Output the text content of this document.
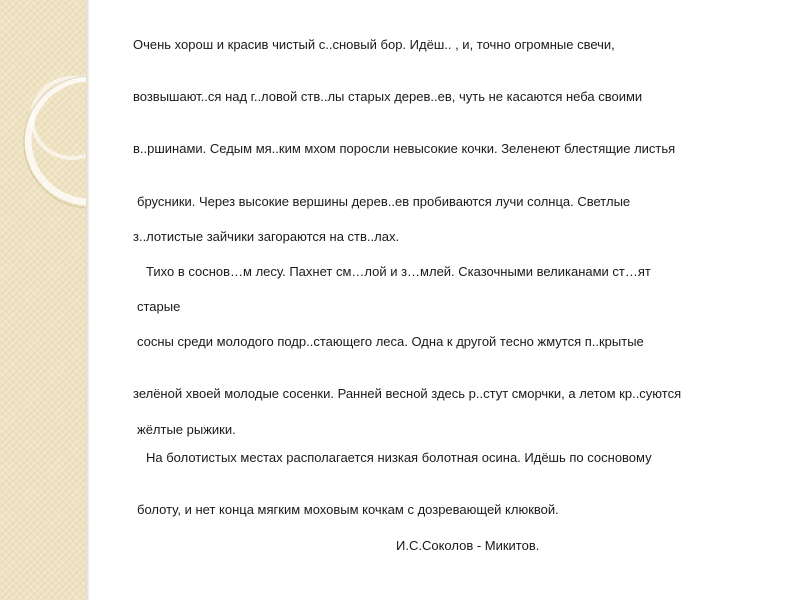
Очень хорош и красив чистый с..сновый бор. Идёш.. , и, точно огромные свечи,

возвышают..ся над г..ловой ств..лы старых дерев..ев, чуть не касаются неба своими

в..ршинами. Седым мя..ким мхом поросли невысокие кочки. Зеленеют блестящие листья

брусники. Через высокие вершины дерев..ев пробиваются лучи солнца. Светлые

з..лотистые зайчики загораются на ств..лах.

Тихо в соснов…м лесу. Пахнет см…лой и з…млей. Сказочными великанами ст…ят

старые

сосны среди молодого подр..стающего леса. Одна к другой тесно жмутся п..крытые

зелёной хвоей молодые сосенки. Ранней весной здесь р..стут сморчки, а летом кр..суются

жёлтые рыжики.

На болотистых местах располагается низкая болотная осина. Идёшь по сосновому

болоту, и нет конца мягким моховым кочкам с дозревающей клюквой.

И.С.Соколов - Микитов.
